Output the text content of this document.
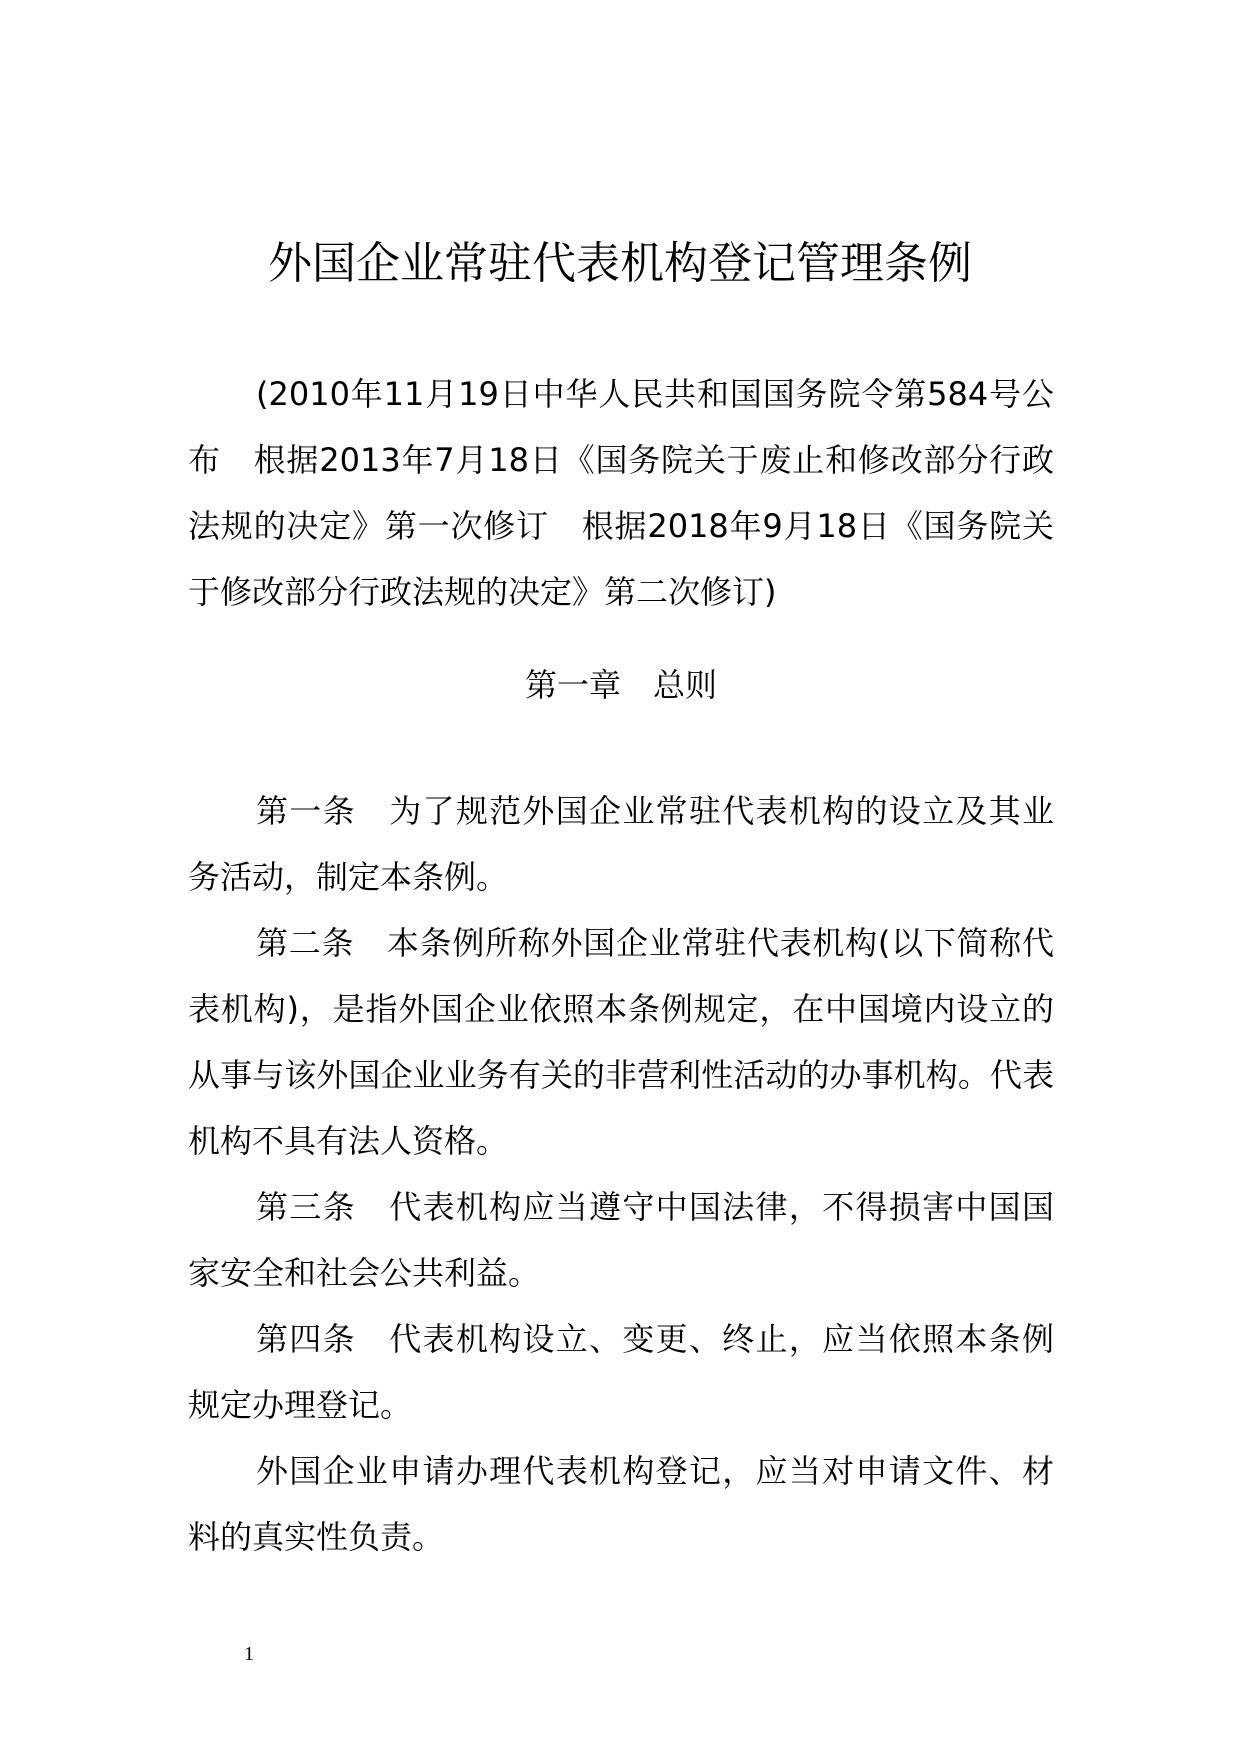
外国企业常驻代表机构登记管理条例

(2010年11月19日中华人民共和国国务院令第584号公布　根据2013年7月18日《国务院关于废止和修改部分行政法规的决定》第一次修订　根据2018年9月18日《国务院关于修改部分行政法规的决定》第二次修订)

第一章　总则

第一条　为了规范外国企业常驻代表机构的设立及其业务活动，制定本条例。

第二条　本条例所称外国企业常驻代表机构(以下简称代表机构)，是指外国企业依照本条例规定，在中国境内设立的从事与该外国企业业务有关的非营利性活动的办事机构。代表机构不具有法人资格。

第三条　代表机构应当遵守中国法律，不得损害中国国家安全和社会公共利益。

第四条　代表机构设立、变更、终止，应当依照本条例规定办理登记。

外国企业申请办理代表机构登记，应当对申请文件、材料的真实性负责。

1
